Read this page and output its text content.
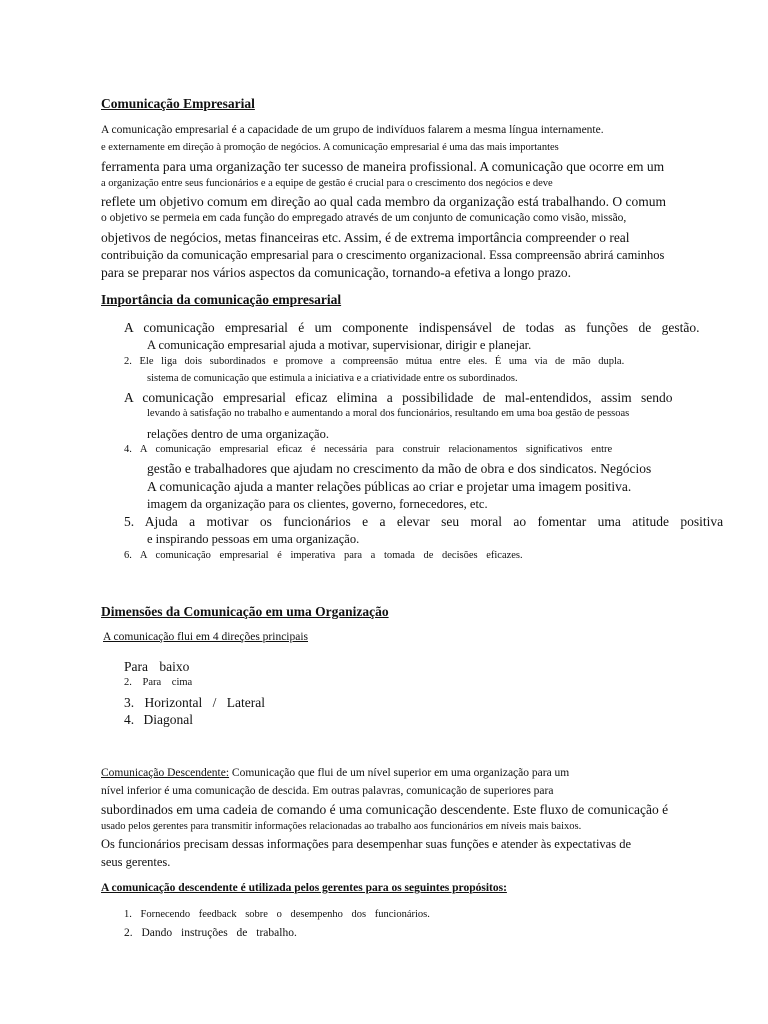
Comunicação Empresarial
A comunicação empresarial é a capacidade de um grupo de indivíduos falarem a mesma língua internamente.
e externamente em direção à promoção de negócios. A comunicação empresarial é uma das mais importantes
ferramenta para uma organização ter sucesso de maneira profissional. A comunicação que ocorre em um
a organização entre seus funcionários e a equipe de gestão é crucial para o crescimento dos negócios e deve
reflete um objetivo comum em direção ao qual cada membro da organização está trabalhando. O comum
o objetivo se permeia em cada função do empregado através de um conjunto de comunicação como visão, missão,
objetivos de negócios, metas financeiras etc. Assim, é de extrema importância compreender o real
contribuição da comunicação empresarial para o crescimento organizacional. Essa compreensão abrirá caminhos
para se preparar nos vários aspectos da comunicação, tornando-a efetiva a longo prazo.
Importância da comunicação empresarial
A comunicação empresarial é um componente indispensável de todas as funções de gestão.
A comunicação empresarial ajuda a motivar, supervisionar, dirigir e planejar.
2. Ele liga dois subordinados e promove a compreensão mútua entre eles. É uma via de mão dupla.
sistema de comunicação que estimula a iniciativa e a criatividade entre os subordinados.
A comunicação empresarial eficaz elimina a possibilidade de mal-entendidos, assim sendo
levando à satisfação no trabalho e aumentando a moral dos funcionários, resultando em uma boa gestão de pessoas
relações dentro de uma organização.
4. A comunicação empresarial eficaz é necessária para construir relacionamentos significativos entre
gestão e trabalhadores que ajudam no crescimento da mão de obra e dos sindicatos. Negócios
A comunicação ajuda a manter relações públicas ao criar e projetar uma imagem positiva.
imagem da organização para os clientes, governo, fornecedores, etc.
5. Ajuda a motivar os funcionários e a elevar seu moral ao fomentar uma atitude positiva
e inspirando pessoas em uma organização.
6. A comunicação empresarial é imperativa para a tomada de decisões eficazes.
Dimensões da Comunicação em uma Organização
A comunicação flui em 4 direções principais
Para baixo
2. Para cima
3. Horizontal / Lateral
4. Diagonal
Comunicação Descendente: Comunicação que flui de um nível superior em uma organização para um
nível inferior é uma comunicação de descida. Em outras palavras, comunicação de superiores para
subordinados em uma cadeia de comando é uma comunicação descendente. Este fluxo de comunicação é
usado pelos gerentes para transmitir informações relacionadas ao trabalho aos funcionários em níveis mais baixos.
Os funcionários precisam dessas informações para desempenhar suas funções e atender às expectativas de
seus gerentes.
A comunicação descendente é utilizada pelos gerentes para os seguintes propósitos:
1. Fornecendo feedback sobre o desempenho dos funcionários.
2. Dando instruções de trabalho.
